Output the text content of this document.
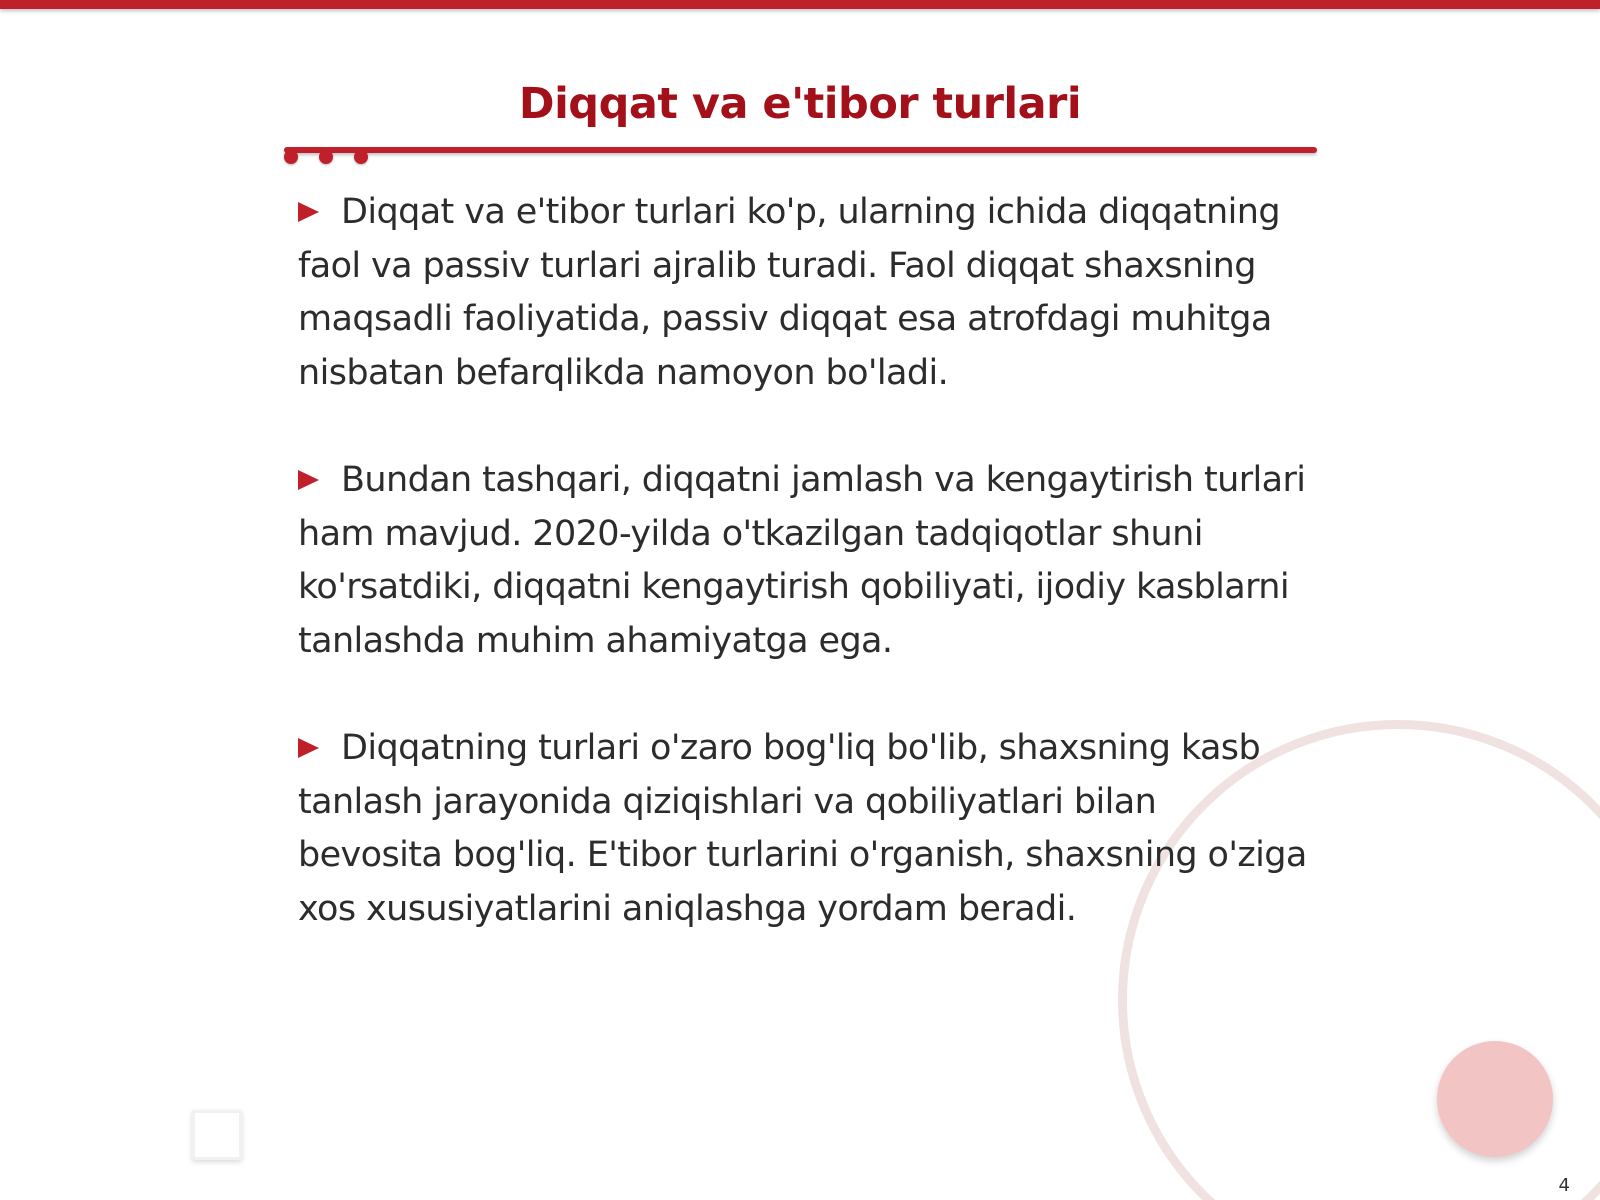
Diqqat va e'tibor turlari

Diqqat va e'tibor turlari ko'p, ularning ichida diqqatning faol va passiv turlari ajralib turadi. Faol diqqat shaxsning maqsadli faoliyatida, passiv diqqat esa atrofdagi muhitga nisbatan befarqlikda namoyon bo'ladi.

Bundan tashqari, diqqatni jamlash va kengaytirish turlari ham mavjud. 2020-yilda o'tkazilgan tadqiqotlar shuni ko'rsatdiki, diqqatni kengaytirish qobiliyati, ijodiy kasblarni tanlashda muhim ahamiyatga ega.

Diqqatning turlari o'zaro bog'liq bo'lib, shaxsning kasb tanlash jarayonida qiziqishlari va qobiliyatlari bilan bevosita bog'liq. E'tibor turlarini o'rganish, shaxsning o'ziga xos xususiyatlarini aniqlashga yordam beradi.

4
